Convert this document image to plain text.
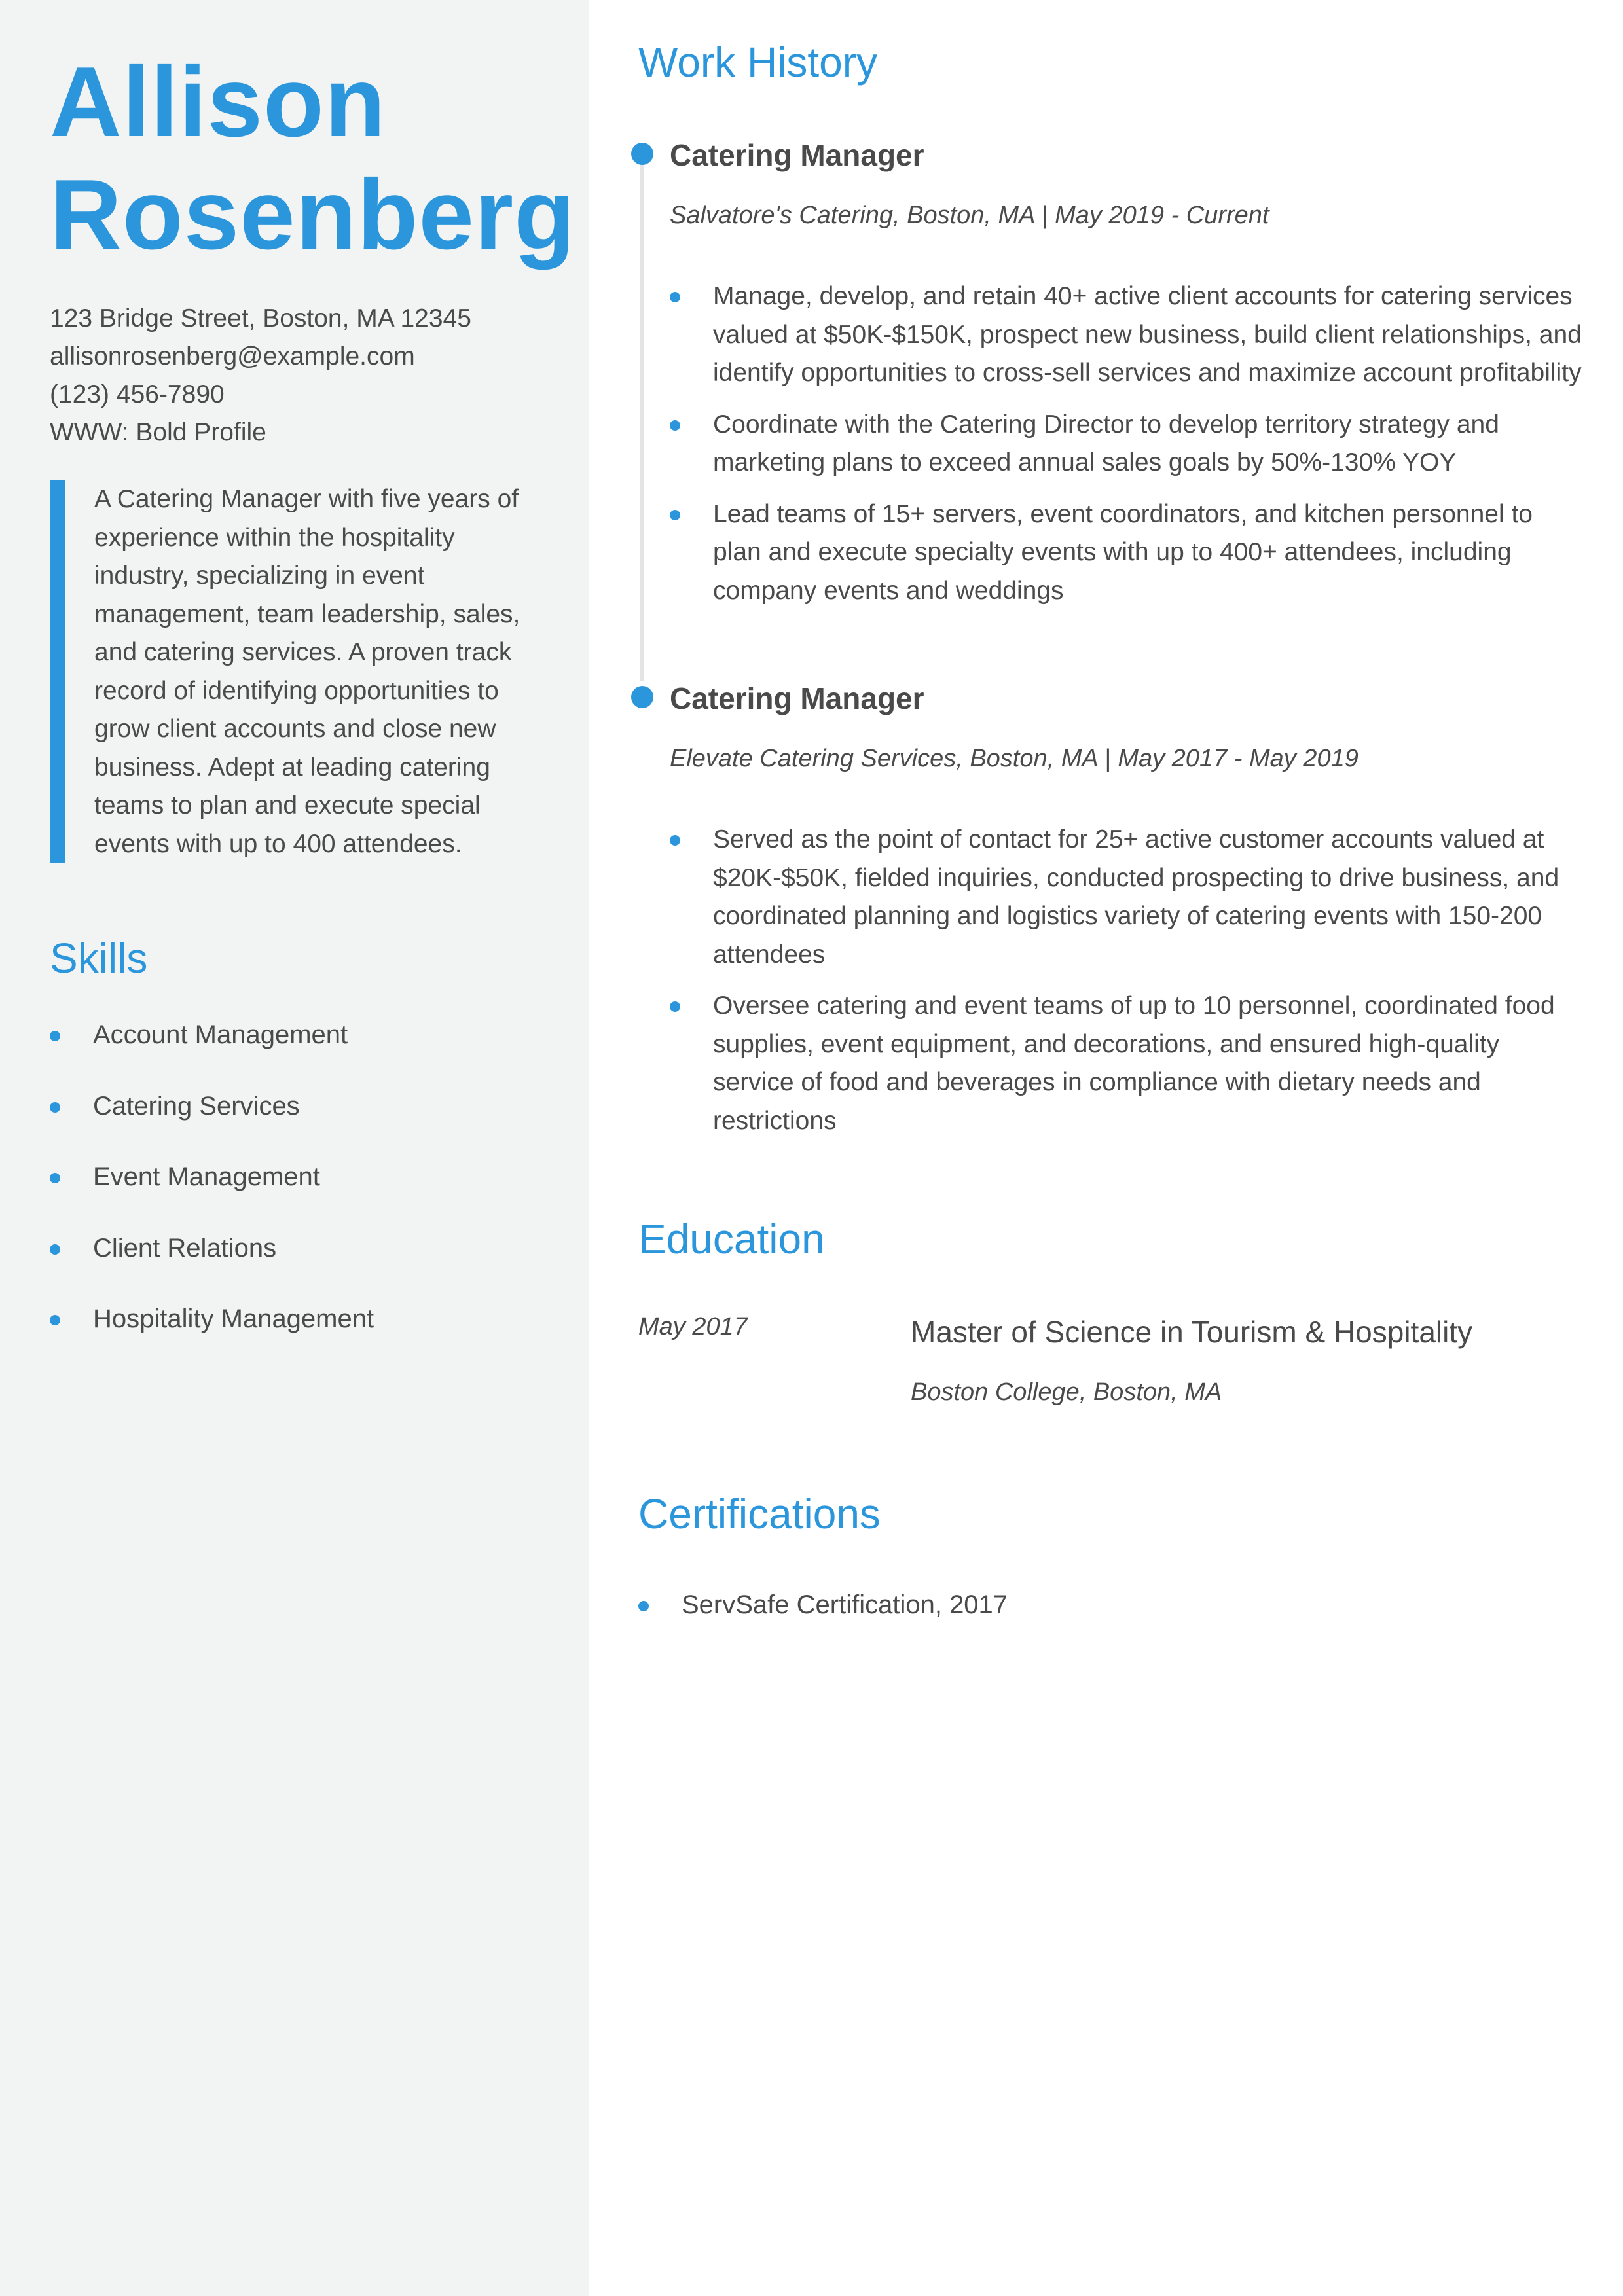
Allison
Rosenberg
123 Bridge Street, Boston, MA 12345
allisonrosenberg@example.com
(123) 456-7890
WWW: Bold Profile

A Catering Manager with five years of experience within the hospitality industry, specializing in event management, team leadership, sales, and catering services. A proven track record of identifying opportunities to grow client accounts and close new business. Adept at leading catering teams to plan and execute special events with up to 400 attendees.

Skills
Account Management
Catering Services
Event Management
Client Relations
Hospitality Management
Work History
Catering Manager
Salvatore's Catering, Boston, MA | May 2019 - Current
Manage, develop, and retain 40+ active client accounts for catering services valued at $50K-$150K, prospect new business, build client relationships, and identify opportunities to cross-sell services and maximize account profitability
Coordinate with the Catering Director to develop territory strategy and marketing plans to exceed annual sales goals by 50%-130% YOY
Lead teams of 15+ servers, event coordinators, and kitchen personnel to plan and execute specialty events with up to 400+ attendees, including company events and weddings
Catering Manager
Elevate Catering Services, Boston, MA | May 2017 - May 2019
Served as the point of contact for 25+ active customer accounts valued at $20K-$50K, fielded inquiries, conducted prospecting to drive business, and coordinated planning and logistics variety of catering events with 150-200 attendees
Oversee catering and event teams of up to 10 personnel, coordinated food supplies, event equipment, and decorations, and ensured high-quality service of food and beverages in compliance with dietary needs and restrictions
Education
May 2017	Master of Science in Tourism & Hospitality
Boston College, Boston, MA
Certifications
ServSafe Certification, 2017
